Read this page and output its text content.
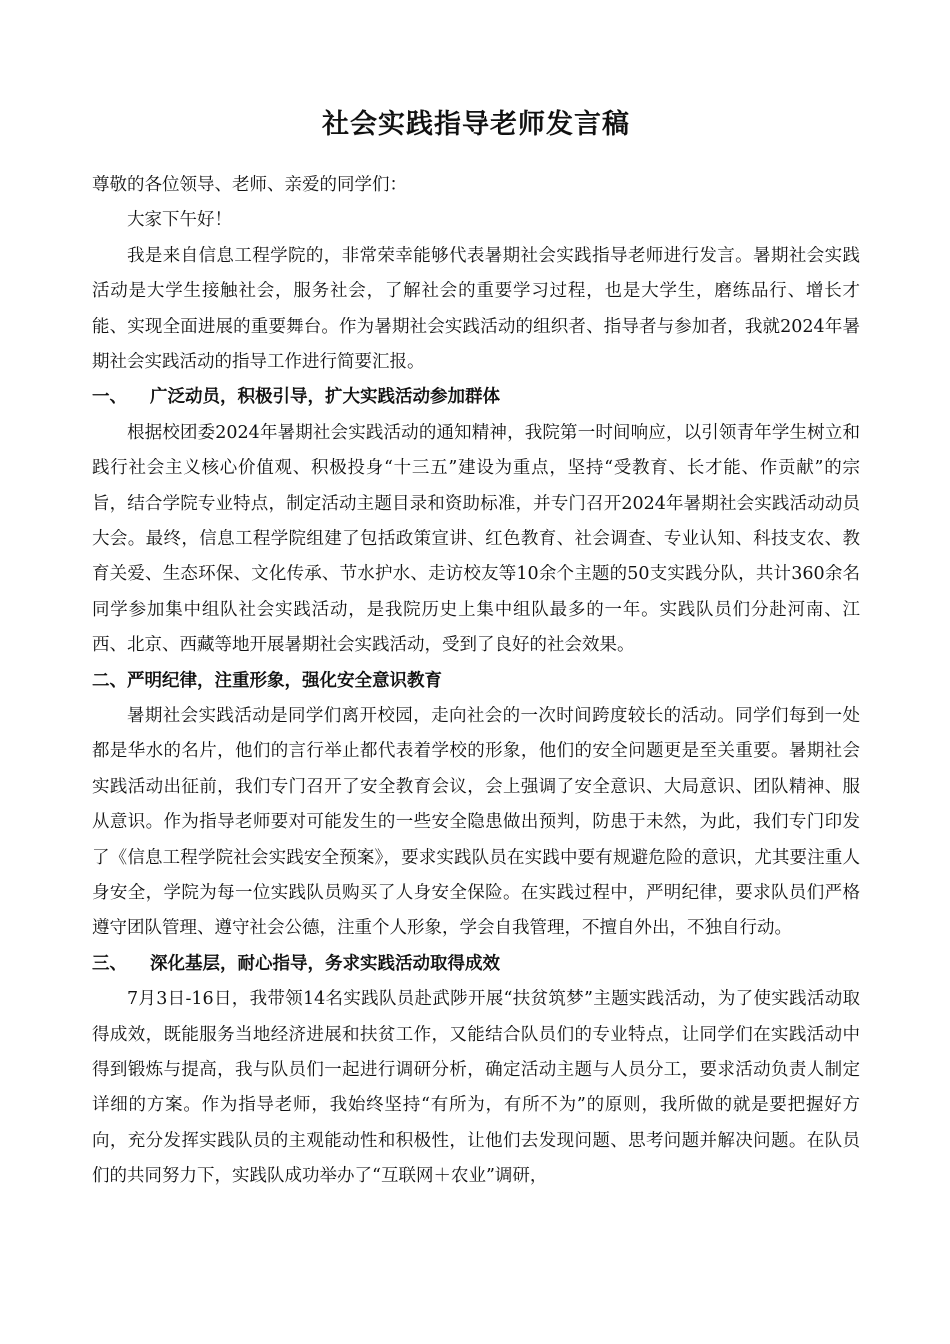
社会实践指导老师发言稿
尊敬的各位领导、老师、亲爱的同学们：
大家下午好！

我是来自信息工程学院的，非常荣幸能够代表暑期社会实践指导老师进行发言。暑期社会实践活动是大学生接触社会，服务社会，了解社会的重要学习过程，也是大学生，磨练品行、增长才能、实现全面进展的重要舞台。作为暑期社会实践活动的组织者、指导者与参加者，我就2024年暑期社会实践活动的指导工作进行简要汇报。

一、 广泛动员，积极引导，扩大实践活动参加群体

根据校团委2024年暑期社会实践活动的通知精神，我院第一时间响应，以引领青年学生树立和践行社会主义核心价值观、积极投身“十三五”建设为重点，坚持“受教育、长才能、作贡献”的宗旨，结合学院专业特点，制定活动主题目录和资助标准，并专门召开2024年暑期社会实践活动动员大会。最终，信息工程学院组建了包括政策宣讲、红色教育、社会调查、专业认知、科技支农、教育关爱、生态环保、文化传承、节水护水、走访校友等10余个主题的50支实践分队，共计360余名同学参加集中组队社会实践活动，是我院历史上集中组队最多的一年。实践队员们分赴河南、江西、北京、西藏等地开展暑期社会实践活动，受到了良好的社会效果。

二、严明纪律，注重形象，强化安全意识教育

暑期社会实践活动是同学们离开校园，走向社会的一次时间跨度较长的活动。同学们每到一处都是华水的名片，他们的言行举止都代表着学校的形象，他们的安全问题更是至关重要。暑期社会实践活动出征前，我们专门召开了安全教育会议，会上强调了安全意识、大局意识、团队精神、服从意识。作为指导老师要对可能发生的一些安全隐患做出预判，防患于未然，为此，我们专门印发了《信息工程学院社会实践安全预案》，要求实践队员在实践中要有规避危险的意识，尤其要注重人身安全，学院为每一位实践队员购买了人身安全保险。在实践过程中，严明纪律，要求队员们严格遵守团队管理、遵守社会公德，注重个人形象，学会自我管理，不擅自外出，不独自行动。

三、 深化基层，耐心指导，务求实践活动取得成效

7月3日-16日，我带领14名实践队员赴武陟开展“扶贫筑梦”主题实践活动，为了使实践活动取得成效，既能服务当地经济进展和扶贫工作，又能结合队员们的专业特点，让同学们在实践活动中得到锻炼与提高，我与队员们一起进行调研分析，确定活动主题与人员分工，要求活动负责人制定详细的方案。作为指导老师，我始终坚持“有所为，有所不为”的原则，我所做的就是要把握好方向，充分发挥实践队员的主观能动性和积极性，让他们去发现问题、思考问题并解决问题。在队员们的共同努力下，实践队成功举办了“互联网＋农业”调研，
